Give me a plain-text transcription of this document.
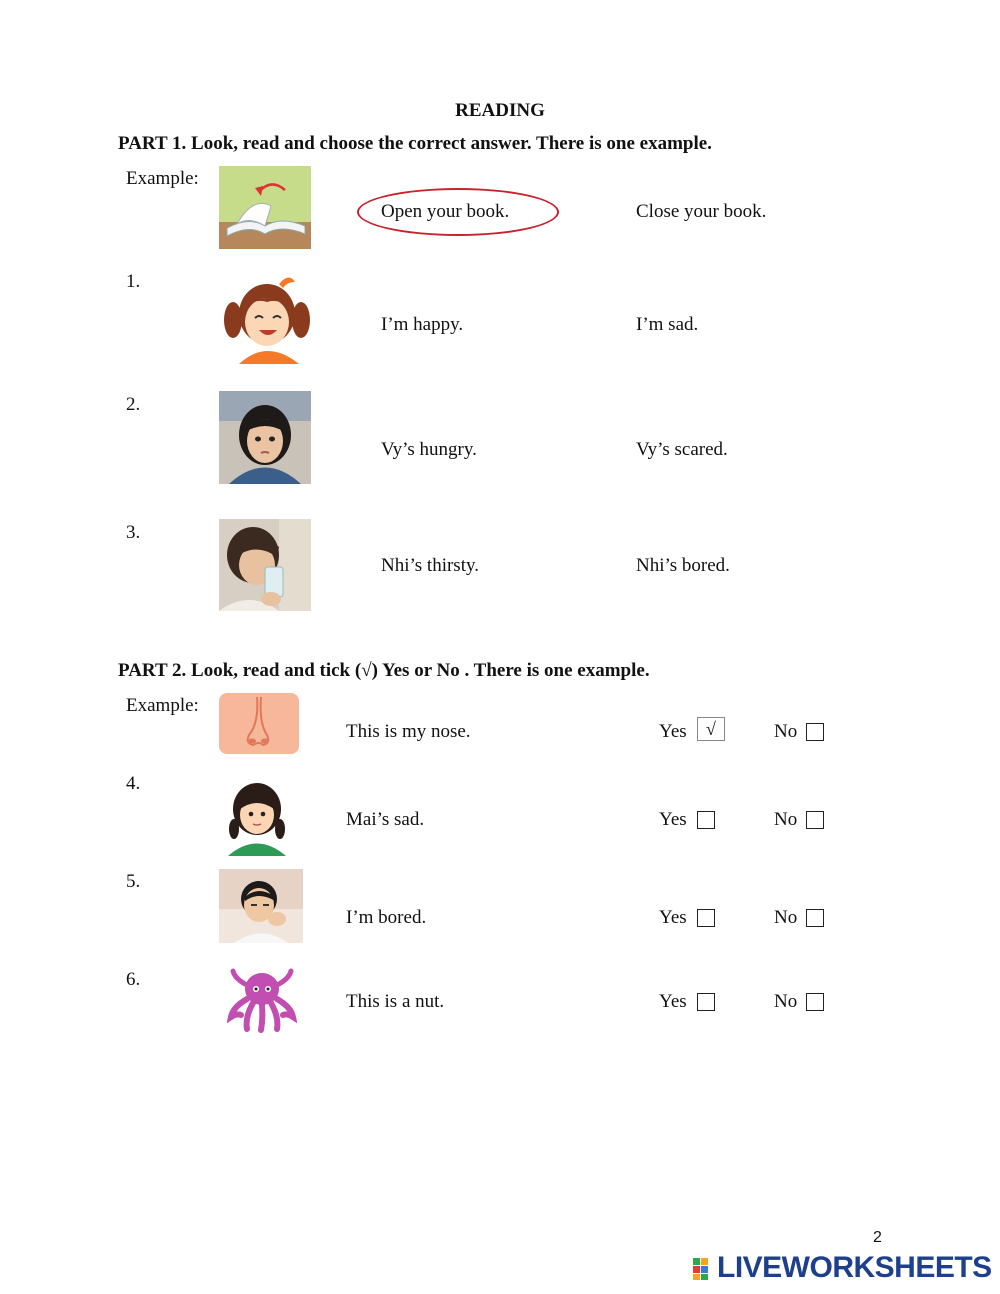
READING
PART 1. Look, read and choose the correct answer. There is one example.
Example:
Open your book.	Close your book.
1.
I’m happy.	I’m sad.
2.
Vy’s hungry.	Vy’s scared.
3.
Nhi’s thirsty.	Nhi’s bored.
PART 2. Look, read and tick (√) Yes or No . There is one example.
Example:
This is my nose.	Yes	√	No
4.
Mai’s sad.	Yes	No
5.
I’m bored.	Yes	No
6.
This is a nut.	Yes	No
2
LIVEWORKSHEETS
